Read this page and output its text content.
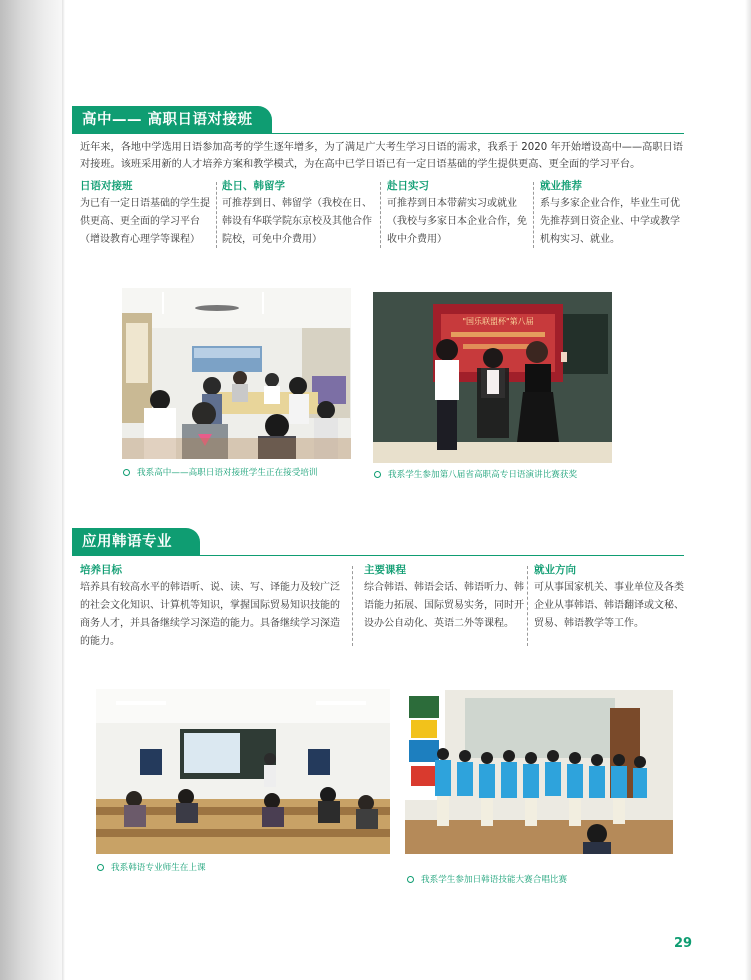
高中—— 高职日语对接班

近年来，各地中学选用日语参加高考的学生逐年增多，为了满足广大考生学习日语的需求，我系于 2020 年开始增设高中——高职日语对接班。该班采用新的人才培养方案和教学模式，为在高中已学日语已有一定日语基础的学生提供更高、更全面的学习平台。

日语对接班
为已有一定日语基础的学生提供更高、更全面的学习平台（增设教育心理学等课程）
赴日、韩留学
可推荐到日、韩留学（我校在日、韩设有华联学院东京校及其他合作院校，可免中介费用）
赴日实习
可推荐到日本带薪实习或就业（我校与多家日本企业合作，免收中介费用）
就业推荐
系与多家企业合作，毕业生可优先推荐到日资企业、中学或教学机构实习、就业。
我系高中——高职日语对接班学生正在接受培训
"国乐联盟杯"第八届
我系学生参加第八届省高职高专日语演讲比赛获奖
应用韩语专业
培养目标
培养具有较高水平的韩语听、说、读、写、译能力及较广泛的社会文化知识、计算机等知识，掌握国际贸易知识技能的商务人才，并具备继续学习深造的能力。具备继续学习深造的能力。
主要课程
综合韩语、韩语会话、韩语听力、韩语能力拓展、国际贸易实务，同时开设办公自动化、英语二外等课程。
就业方向
可从事国家机关、事业单位及各类企业从事韩语、韩语翻译或文秘、贸易、韩语教学等工作。
我系韩语专业师生在上课
我系学生参加日韩语技能大赛合唱比赛
29
